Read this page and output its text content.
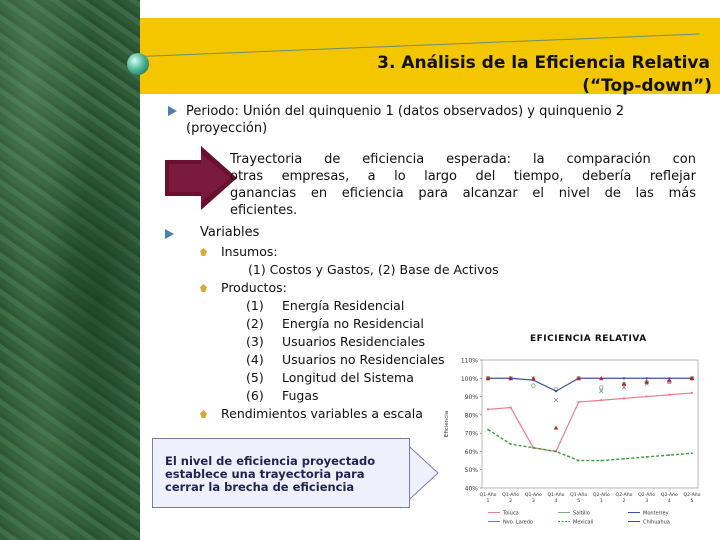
3. Análisis de la Eficiencia Relativa
(“Top-down”)
Periodo: Unión del quinquenio 1 (datos observados) y quinquenio 2
(proyección)
Trayectoria de eficiencia esperada: la comparación con
otras empresas, a lo largo del tiempo, debería reflejar
ganancias en eficiencia para alcanzar el nivel de las más
eficientes.
Variables
Insumos:
(1) Costos y Gastos, (2) Base de Activos
Productos:
(1) Energía Residencial
(2) Energía no Residencial
(3) Usuarios Residenciales
(4) Usuarios no Residenciales
(5) Longitud del Sistema
(6) Fugas
Rendimientos variables a escala
El nivel de eficiencia proyectado
establece una trayectoria para
cerrar la brecha de eficiencia
EFICIENCIA RELATIVA
110%
100%
90%
80%
70%
60%
50%
40%
Eficiencia
Q1-Año
1
Q1-Año
2
Q1-Año
3
Q1-Año
4
Q1-Año
5
Q2-Año
1
Q2-Año
2
Q2-Año
3
Q2-Año
4
Q2-Año
5
Toluca	Saltillo	Monterrey
Nvo. Laredo	Mexicali	Chihuahua
